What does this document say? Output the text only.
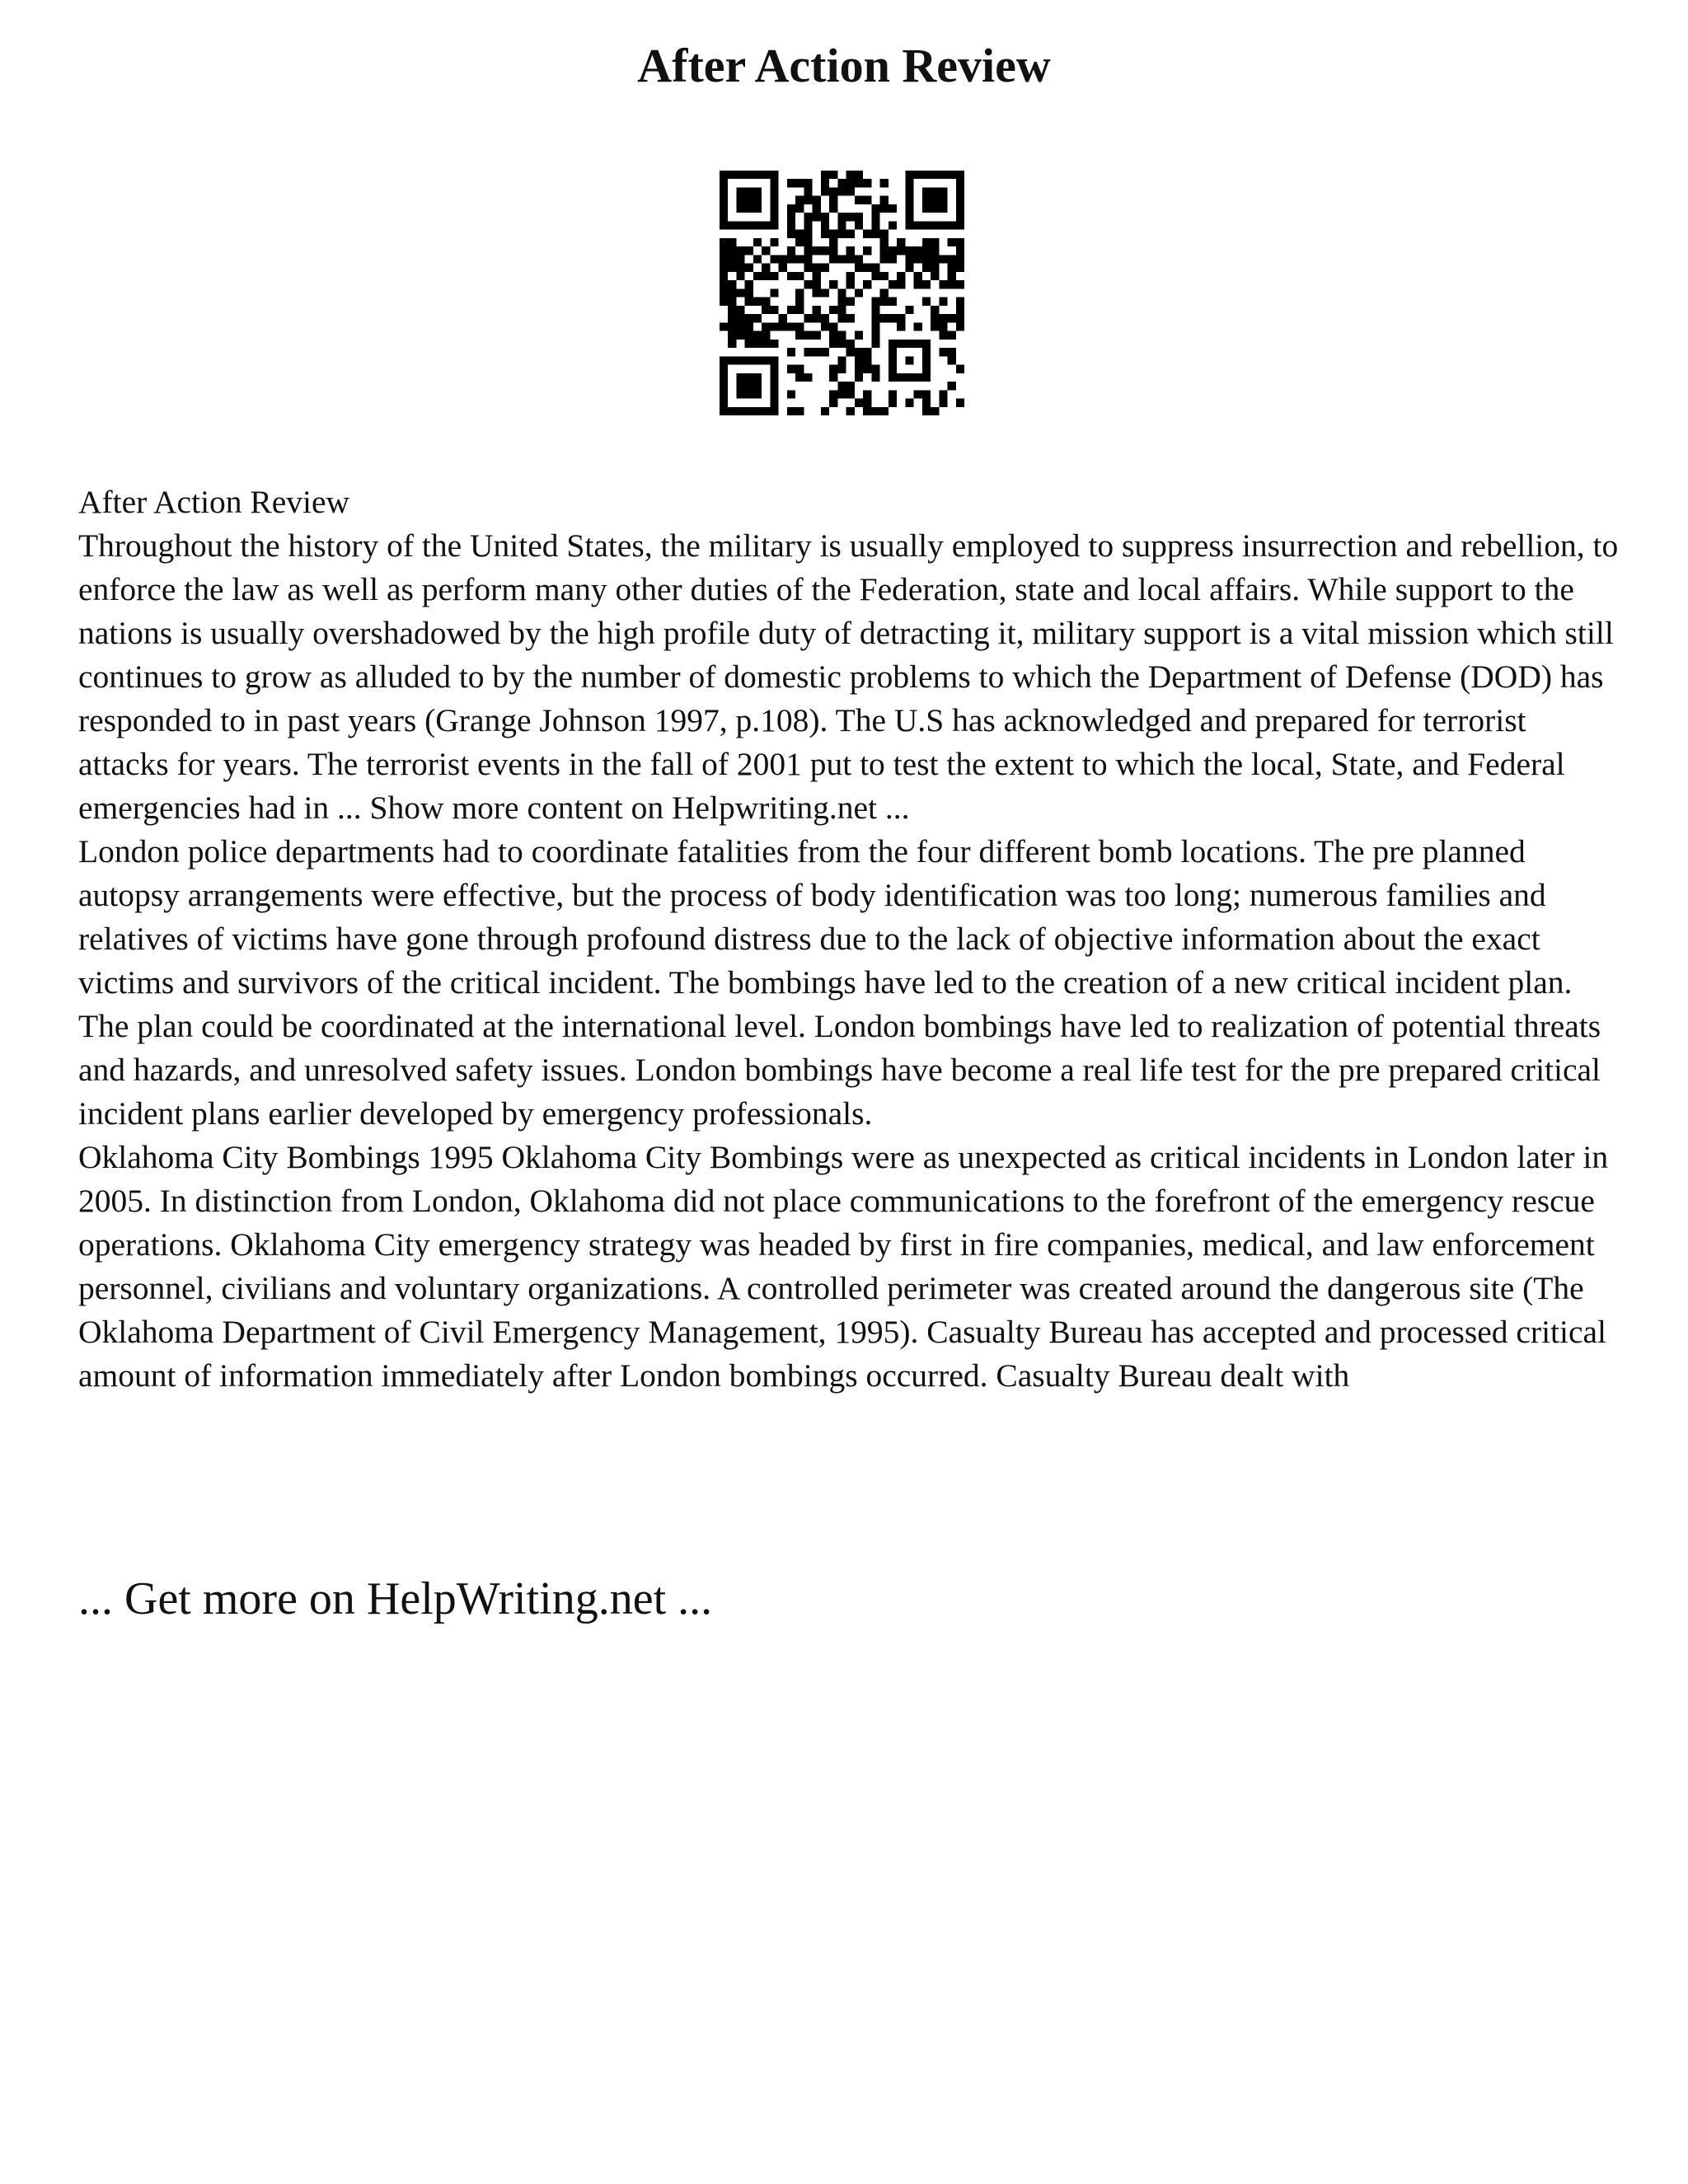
After Action Review

After Action Review

Throughout the history of the United States, the military is usually employed to suppress insurrection and rebellion, to enforce the law as well as perform many other duties of the Federation, state and local affairs. While support to the nations is usually overshadowed by the high profile duty of detracting it, military support is a vital mission which still continues to grow as alluded to by the number of domestic problems to which the Department of Defense (DOD) has responded to in past years (Grange Johnson 1997, p.108). The U.S has acknowledged and prepared for terrorist attacks for years. The terrorist events in the fall of 2001 put to test the extent to which the local, State, and Federal emergencies had in ... Show more content on Helpwriting.net ...

London police departments had to coordinate fatalities from the four different bomb locations. The pre planned autopsy arrangements were effective, but the process of body identification was too long; numerous families and relatives of victims have gone through profound distress due to the lack of objective information about the exact victims and survivors of the critical incident. The bombings have led to the creation of a new critical incident plan. The plan could be coordinated at the international level. London bombings have led to realization of potential threats and hazards, and unresolved safety issues. London bombings have become a real life test for the pre prepared critical incident plans earlier developed by emergency professionals.

Oklahoma City Bombings 1995 Oklahoma City Bombings were as unexpected as critical incidents in London later in 2005. In distinction from London, Oklahoma did not place communications to the forefront of the emergency rescue operations. Oklahoma City emergency strategy was headed by first in fire companies, medical, and law enforcement personnel, civilians and voluntary organizations. A controlled perimeter was created around the dangerous site (The Oklahoma Department of Civil Emergency Management, 1995). Casualty Bureau has accepted and processed critical amount of information immediately after London bombings occurred. Casualty Bureau dealt with

... Get more on HelpWriting.net ...
